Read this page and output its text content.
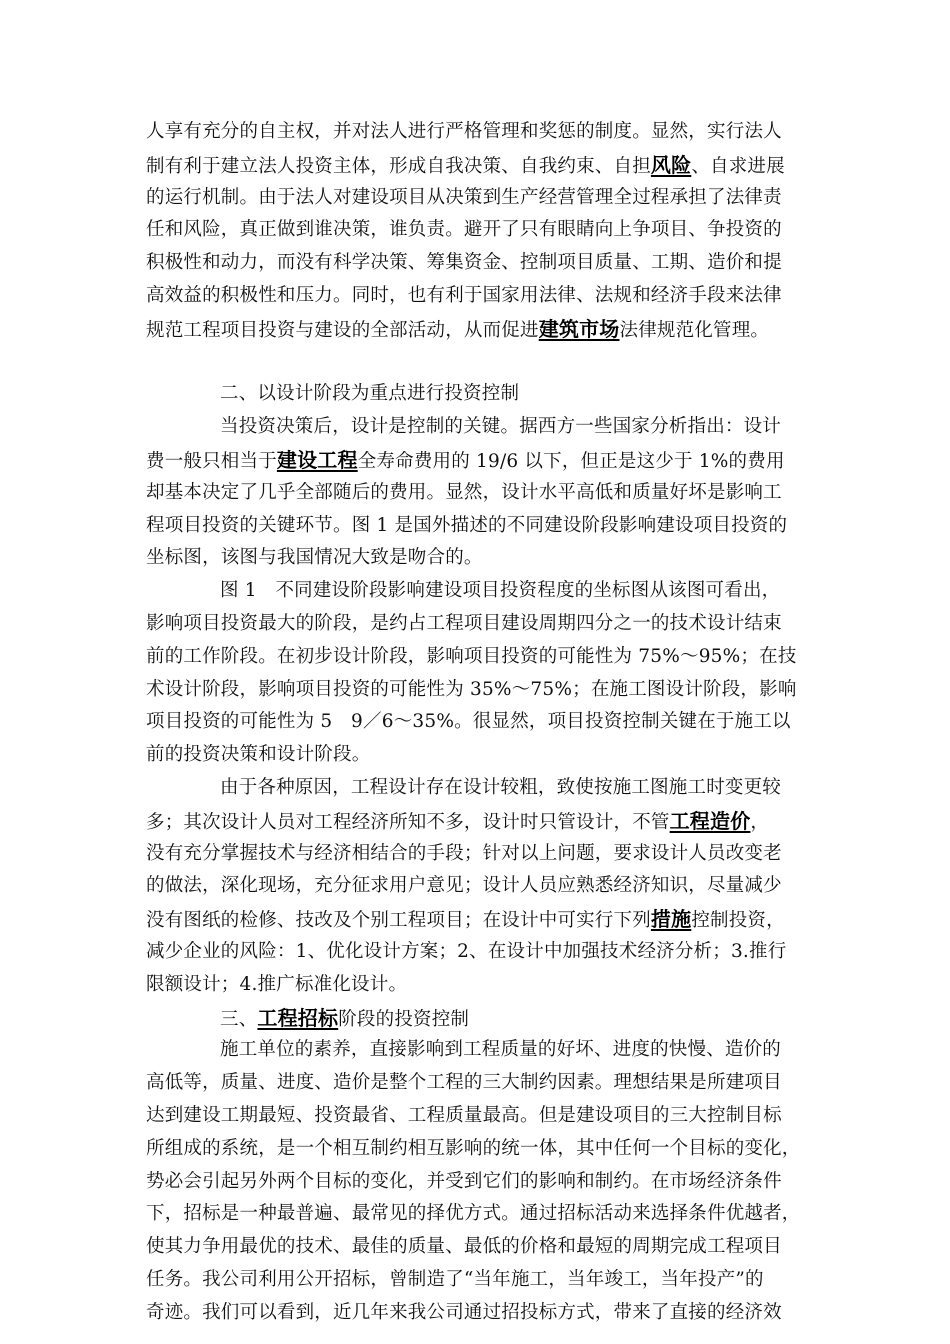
人享有充分的自主权，并对法人进行严格管理和奖惩的制度。显然，实行法人
制有利于建立法人投资主体，形成自我决策、自我约束、自担风险、自求进展
的运行机制。由于法人对建设项目从决策到生产经营管理全过程承担了法律责
任和风险，真正做到谁决策，谁负责。避开了只有眼睛向上争项目、争投资的
积极性和动力，而没有科学决策、筹集资金、控制项目质量、工期、造价和提
高效益的积极性和压力。同时，也有利于国家用法律、法规和经济手段来法律
规范工程项目投资与建设的全部活动，从而促进建筑市场法律规范化管理。
二、以设计阶段为重点进行投资控制
当投资决策后，设计是控制的关键。据西方一些国家分析指出：设计
费一般只相当于建设工程全寿命费用的 19/6 以下，但正是这少于 1%的费用
却基本决定了几乎全部随后的费用。显然，设计水平高低和质量好坏是影响工
程项目投资的关键环节。图 1 是国外描述的不同建设阶段影响建设项目投资的
坐标图，该图与我国情况大致是吻合的。
图 1　不同建设阶段影响建设项目投资程度的坐标图从该图可看出，
影响项目投资最大的阶段，是约占工程项目建设周期四分之一的技术设计结束
前的工作阶段。在初步设计阶段，影响项目投资的可能性为 75%～95%；在技
术设计阶段，影响项目投资的可能性为 35%～75%；在施工图设计阶段，影响
项目投资的可能性为 5　9／6～35%。很显然，项目投资控制关键在于施工以
前的投资决策和设计阶段。
由于各种原因，工程设计存在设计较粗，致使按施工图施工时变更较
多；其次设计人员对工程经济所知不多，设计时只管设计，不管工程造价，
没有充分掌握技术与经济相结合的手段；针对以上问题，要求设计人员改变老
的做法，深化现场，充分征求用户意见；设计人员应熟悉经济知识，尽量减少
没有图纸的检修、技改及个别工程项目；在设计中可实行下列措施控制投资，
减少企业的风险：1、优化设计方案；2、在设计中加强技术经济分析；3.推行
限额设计；4.推广标准化设计。
三、工程招标阶段的投资控制
施工单位的素养，直接影响到工程质量的好坏、进度的快慢、造价的
高低等，质量、进度、造价是整个工程的三大制约因素。理想结果是所建项目
达到建设工期最短、投资最省、工程质量最高。但是建设项目的三大控制目标
所组成的系统，是一个相互制约相互影响的统一体，其中任何一个目标的变化，
势必会引起另外两个目标的变化，并受到它们的影响和制约。在市场经济条件
下，招标是一种最普遍、最常见的择优方式。通过招标活动来选择条件优越者，
使其力争用最优的技术、最佳的质量、最低的价格和最短的周期完成工程项目
任务。我公司利用公开招标，曾制造了“当年施工，当年竣工，当年投产”的
奇迹。我们可以看到，近几年来我公司通过招投标方式，带来了直接的经济效
